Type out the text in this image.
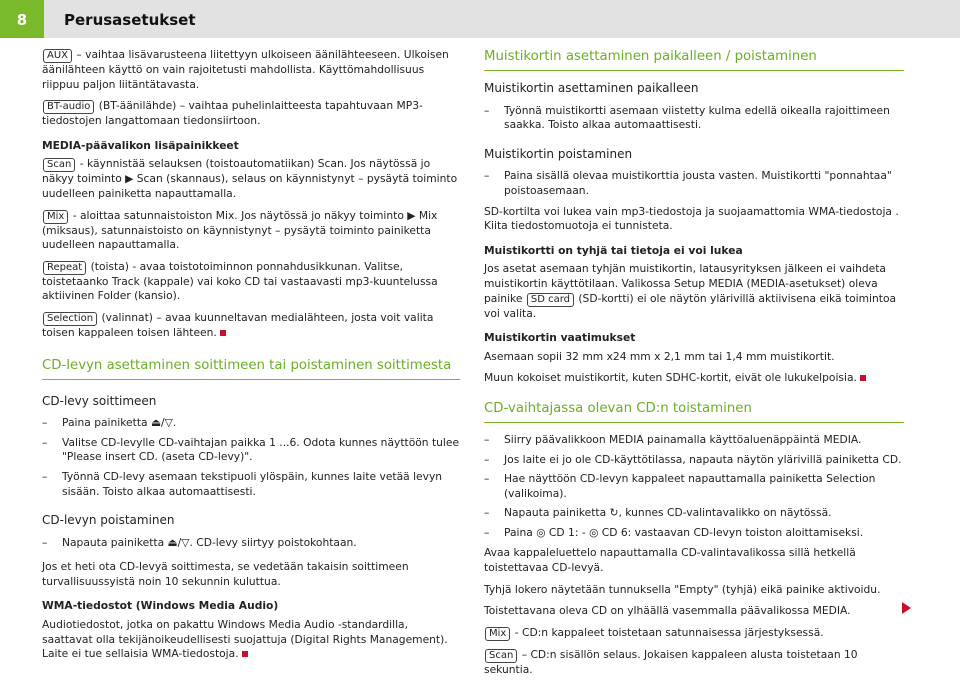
8	Perusasetukset

AUX – vaihtaa lisävarusteena liitettyyn ulkoiseen äänilähteeseen. Ulkoisen äänilähteen käyttö on vain rajoitetusti mahdollista. Käyttömahdollisuus riippuu paljon liitäntätavasta.

BT-audio (BT-äänilähde) – vaihtaa puhelinlaitteesta tapahtuvaan MP3-tiedostojen langattomaan tiedonsiirtoon.

MEDIA-päävalikon lisäpainikkeet

Scan - käynnistää selauksen (toistoautomatiikan) Scan. Jos näytössä jo näkyy toiminto ▶ Scan (skannaus), selaus on käynnistynyt – pysäytä toiminto uudelleen painiketta napauttamalla.

Mix - aloittaa satunnaistoiston Mix. Jos näytössä jo näkyy toiminto ▶ Mix (miksaus), satunnaistoisto on käynnistynyt – pysäytä toiminto painiketta uudelleen napauttamalla.

Repeat (toista) - avaa toistotoiminnon ponnahdusikkunan. Valitse, toistetaanko Track (kappale) vai koko CD tai vastaavasti mp3-kuuntelussa aktiivinen Folder (kansio).

Selection (valinnat) – avaa kuunneltavan medialähteen, josta voit valita toisen kappaleen toisen lähteen.

CD-levyn asettaminen soittimeen tai poistaminen soittimesta
CD-levy soittimeen
– Paina painiketta ⏏/▽.
– Valitse CD-levylle CD-vaihtajan paikka 1 ...6. Odota kunnes näyttöön tulee "Please insert CD. (aseta CD-levy)".
– Työnnä CD-levy asemaan tekstipuoli ylöspäin, kunnes laite vetää levyn sisään. Toisto alkaa automaattisesti.
CD-levyn poistaminen
– Napauta painiketta ⏏/▽. CD-levy siirtyy poistokohtaan.

Jos et heti ota CD-levyä soittimesta, se vedetään takaisin soittimeen turvallisuussyistä noin 10 sekunnin kuluttua.

WMA-tiedostot (Windows Media Audio)

Audiotiedostot, jotka on pakattu Windows Media Audio -standardilla, saattavat olla tekijänoikeudellisesti suojattuja (Digital Rights Management). Laite ei tue sellaisia WMA-tiedostoja.

Muistikortin asettaminen paikalleen / poistaminen
Muistikortin asettaminen paikalleen
– Työnnä muistikortti asemaan viistetty kulma edellä oikealla rajoittimeen saakka. Toisto alkaa automaattisesti.
Muistikortin poistaminen
– Paina sisällä olevaa muistikorttia jousta vasten. Muistikortti "ponnahtaa" poistoasemaan.

SD-kortilta voi lukea vain mp3-tiedostoja ja suojaamattomia WMA-tiedostoja . Kiita tiedostomuotoja ei tunnisteta.

Muistikortti on tyhjä tai tietoja ei voi lukea

Jos asetat asemaan tyhjän muistikortin, latausyrityksen jälkeen ei vaihdeta muistikortin käyttötilaan. Valikossa Setup MEDIA (MEDIA-asetukset) oleva painike SD card (SD-kortti) ei ole näytön ylärivillä aktiivisena eikä toimintoa voi valita.

Muistikortin vaatimukset

Asemaan sopii 32 mm x24 mm x 2,1 mm tai 1,4 mm muistikortit.

Muun kokoiset muistikortit, kuten SDHC-kortit, eivät ole lukukelpoisia.

CD-vaihtajassa olevan CD:n toistaminen
– Siirry päävalikkoon MEDIA painamalla käyttöaluenäppäintä MEDIA.
– Jos laite ei jo ole CD-käyttötilassa, napauta näytön ylärivillä painiketta CD.
– Hae näyttöön CD-levyn kappaleet napauttamalla painiketta Selection (valikoima).
– Napauta painiketta ↻, kunnes CD-valintavalikko on näytössä.
– Paina ◎ CD 1: - ◎ CD 6: vastaavan CD-levyn toiston aloittamiseksi.

Avaa kappaleluettelo napauttamalla CD-valintavalikossa sillä hetkellä toistettavaa CD-levyä.

Tyhjä lokero näytetään tunnuksella "Empty" (tyhjä) eikä painike aktivoidu.

Toistettavana oleva CD on ylhäällä vasemmalla päävalikossa MEDIA.

Mix - CD:n kappaleet toistetaan satunnaisessa järjestyksessä.

Scan – CD:n sisällön selaus. Jokaisen kappaleen alusta toistetaan 10 sekuntia.
